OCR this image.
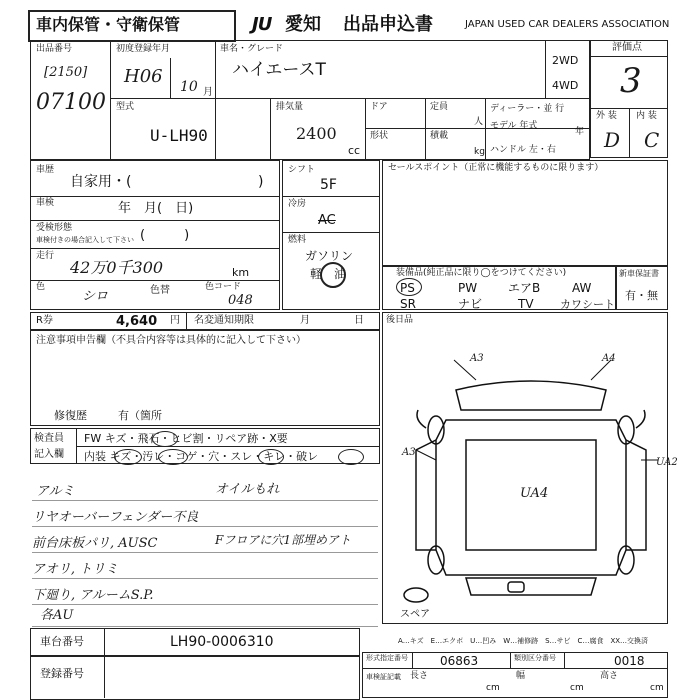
車内保管・守衛保管	JU 愛知 出品申込書	JAPAN USED CAR DEALERS ASSOCIATION
出品番号
[2150]
07100
初度登録年月
H06 10 月
車名・グレード
ハイエースT	2WD
4WD
型式
U-LH90
排気量
2400
cc
ドア
形状
定員
人
積載
kg
ディーラー・並 行
モデル 年式
年
ハンドル 左・右
評価点
3
外 装 内 装
D C
車歴
自家用・(	)
車検	年　月(　日)
受検形態
車検付きの場合記入して下さい (　　　)
走行
42万0千300	km
色
シロ	色替	色コード
048
シフト
5F
冷房
AC
燃料
ガソリン
軽　油
セールスポイント（正常に機能するものに限ります）
装備品(純正品に限り◯をつけてください)
PS	PW	エアB	AW
SR	ナビ	TV カワシート
新車保証書
有・無
R券	4,640 円 名変通知期限	月	日
注意事項申告欄（不具合内容等は具体的に記入して下さい）
修復歴	有（箇所
後日品
A3	A4
A3
UA2
UA4
スペア
A…キズ　E…エクボ　U…凹み　W…補修跡　S…サビ　C…腐食　XX…交換済
検査員
記入欄
FW キズ・飛石・ヒビ割・リペア跡・X要
内装 キズ・汚レ・コゲ・穴・スレ・キレ・破レ
アルミ	オイルもれ
リヤオーバーフェンダー不良
前台床板パリ, AUSC	Fフロアに穴1部埋めアト
アオリ, トリミ
下廻り, アルームS.P.
各AU
車台番号	LH90-0006310
登録番号
形式指定番号	06863	類別区分番号	0018
車検証記載 長さ	幅	高さ
cm	cm	cm
